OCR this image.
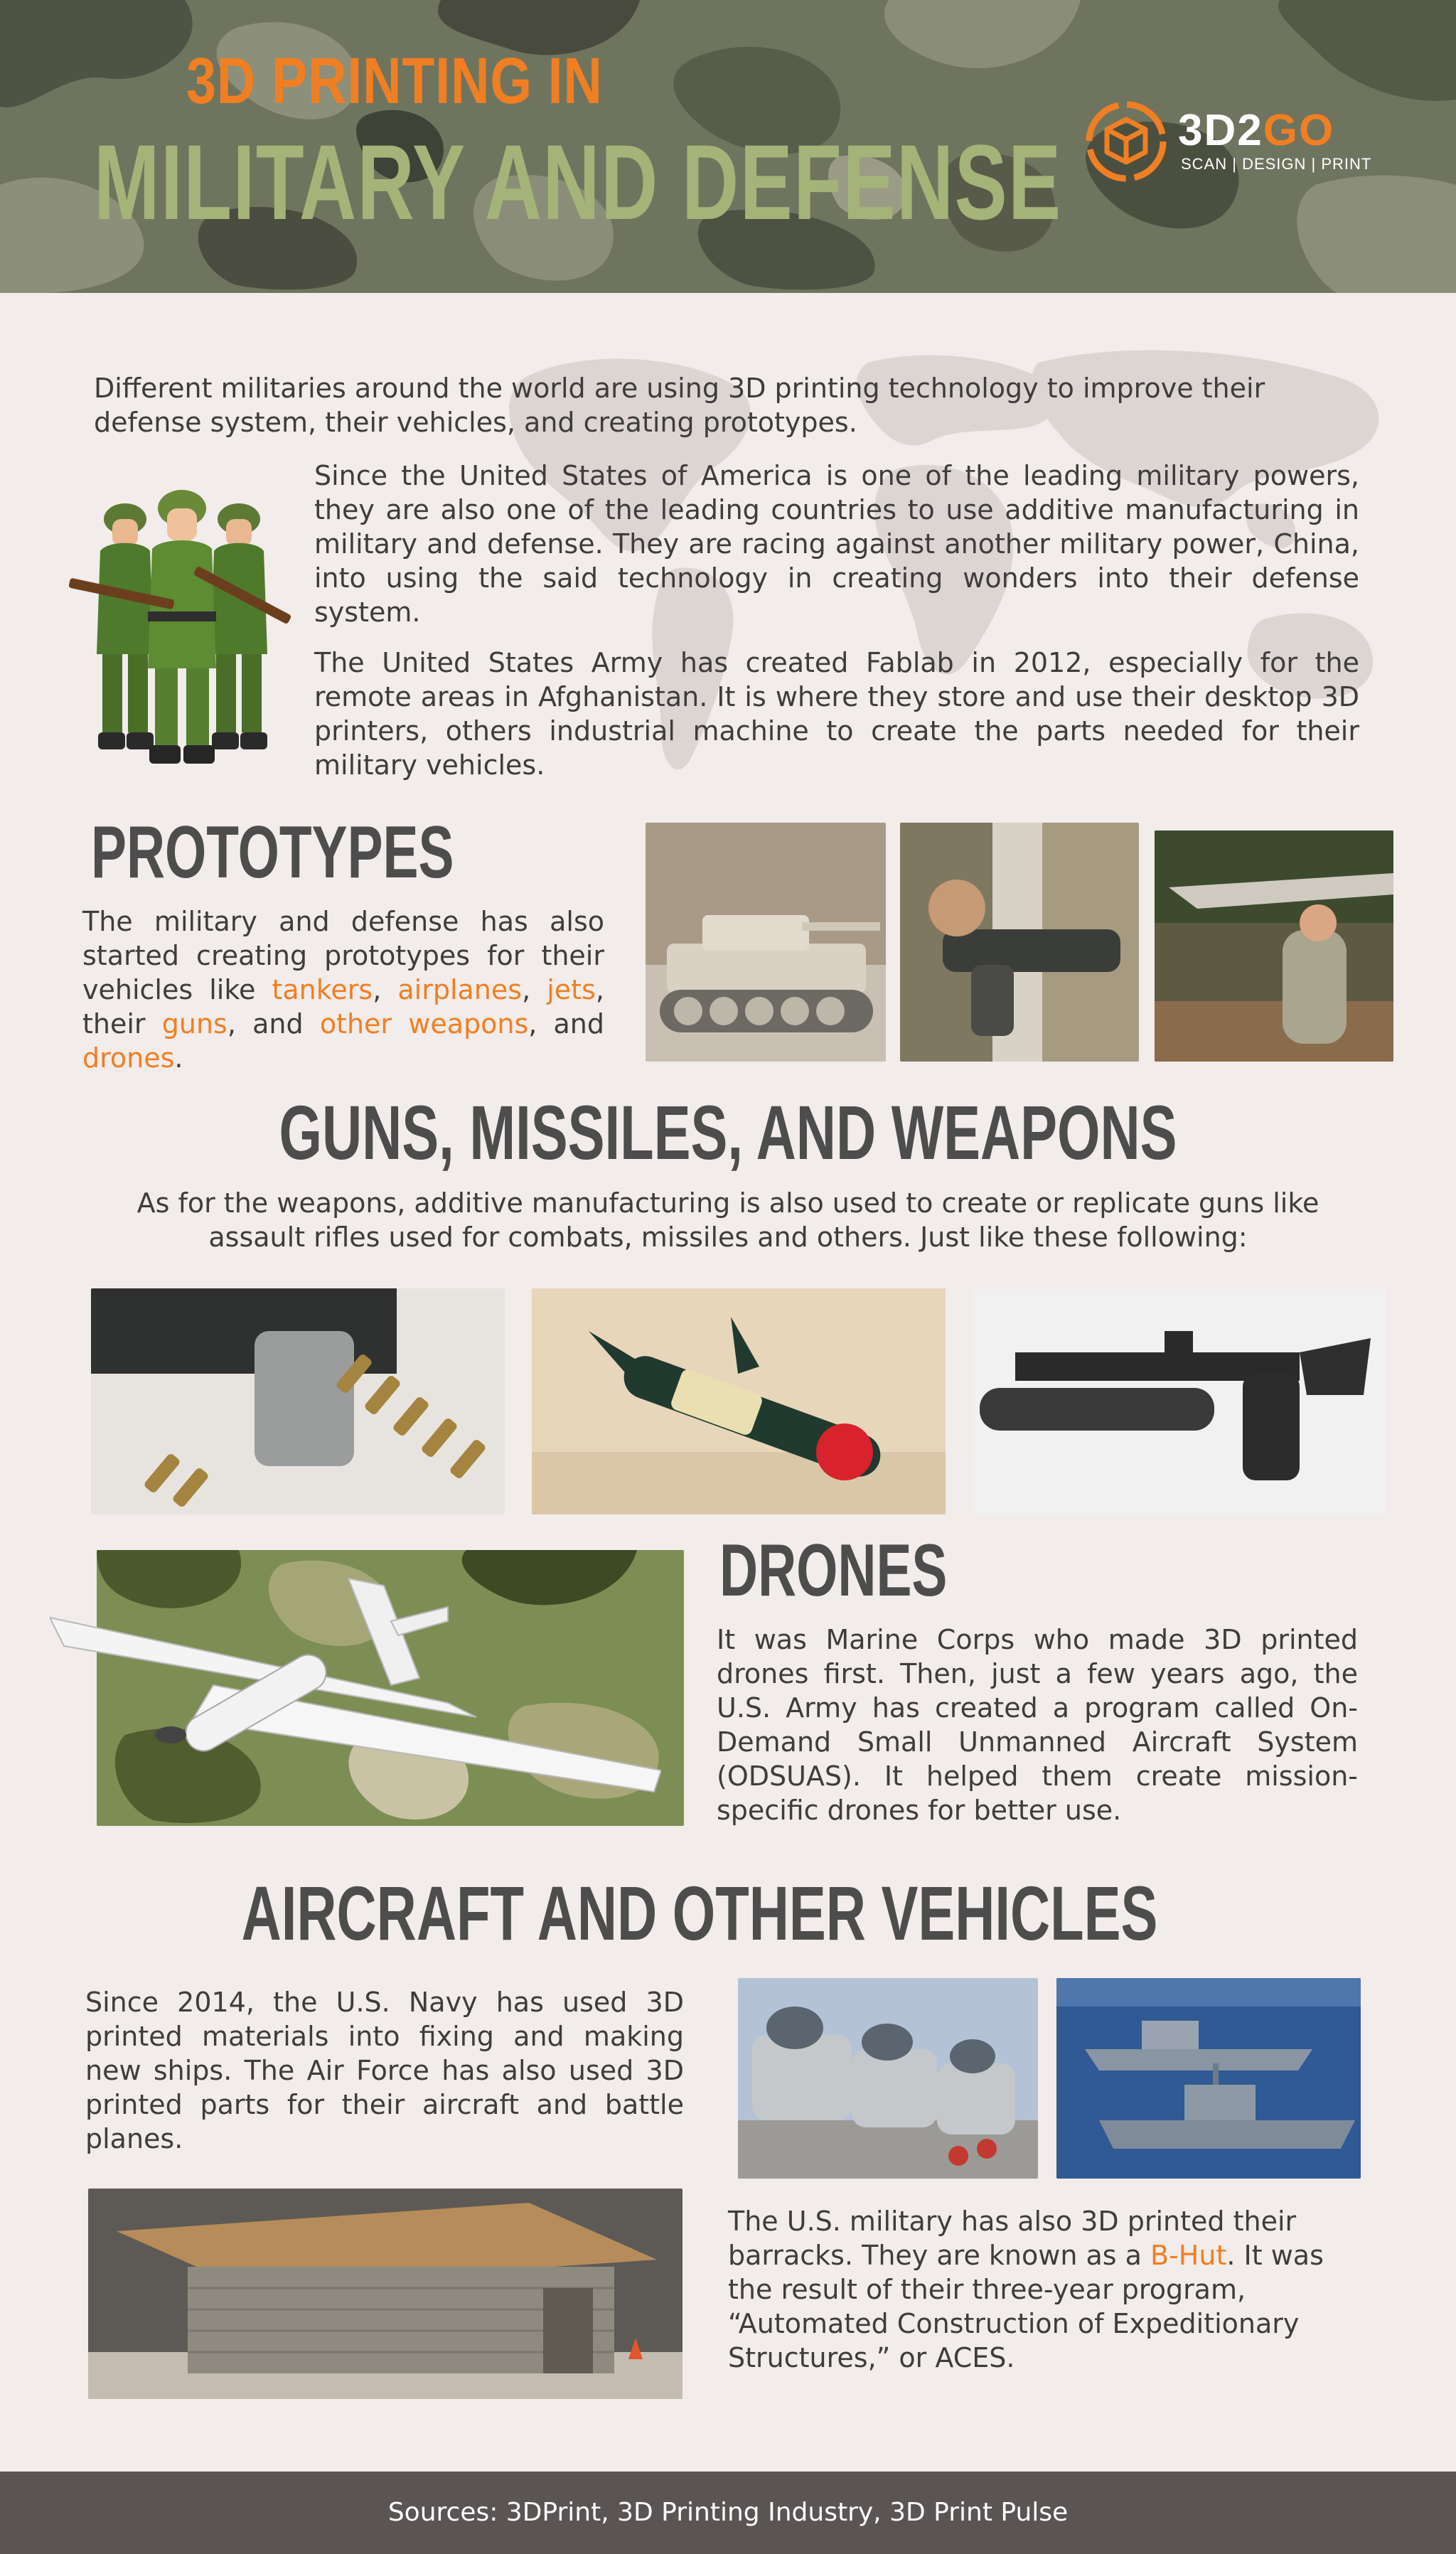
3D PRINTING IN
MILITARY AND DEFENSE	3D2GO
SCAN | DESIGN | PRINT
Different militaries around the world are using 3D printing technology to improve their defense system, their vehicles, and creating prototypes.
Since the United States of America is one of the leading military powers, they are also one of the leading countries to use additive manufacturing in military and defense. They are racing against another military power, China, into using the said technology in creating wonders into their defense system.
The United States Army has created Fablab in 2012, especially for the remote areas in Afghanistan. It is where they store and use their desktop 3D printers, others industrial machine to create the parts needed for their military vehicles.
PROTOTYPES
The military and defense has also started creating prototypes for their vehicles like tankers, airplanes, jets, their guns, and other weapons, and drones.
GUNS, MISSILES, AND WEAPONS
As for the weapons, additive manufacturing is also used to create or replicate guns like assault rifles used for combats, missiles and others. Just like these following:
DRONES
It was Marine Corps who made 3D printed drones first. Then, just a few years ago, the U.S. Army has created a program called On-Demand Small Unmanned Aircraft System (ODSUAS). It helped them create mission-specific drones for better use.
AIRCRAFT AND OTHER VEHICLES
Since 2014, the U.S. Navy has used 3D printed materials into fixing and making new ships. The Air Force has also used 3D printed parts for their aircraft and battle planes.
The U.S. military has also 3D printed their barracks. They are known as a B-Hut. It was the result of their three-year program, “Automated Construction of Expeditionary Structures,” or ACES.
Sources: 3DPrint, 3D Printing Industry, 3D Print Pulse
